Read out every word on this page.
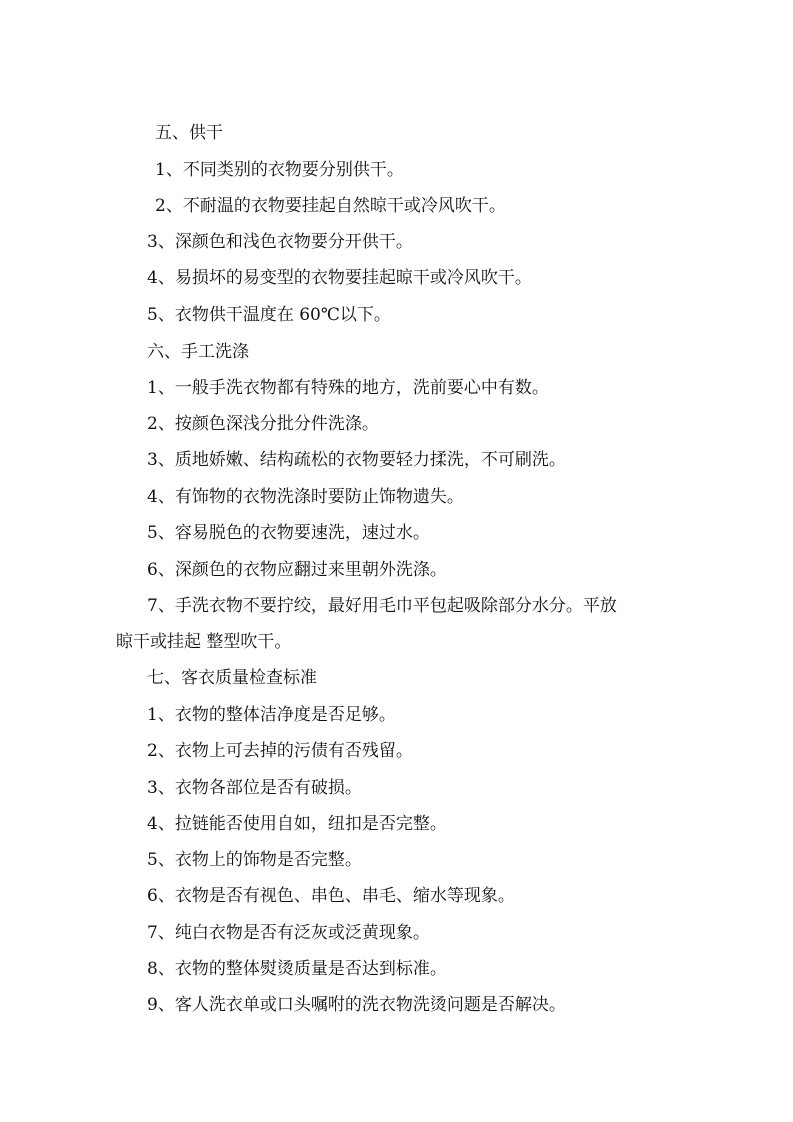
五、供干
1、不同类别的衣物要分别供干。
2、不耐温的衣物要挂起自然晾干或冷风吹干。
3、深颜色和浅色衣物要分开供干。
4、易损坏的易变型的衣物要挂起晾干或冷风吹干。
5、衣物供干温度在 60℃以下。
六、手工洗涤
1、一般手洗衣物都有特殊的地方，洗前要心中有数。
2、按颜色深浅分批分件洗涤。
3、质地娇嫩、结构疏松的衣物要轻力揉洗，不可刷洗。
4、有饰物的衣物洗涤时要防止饰物遗失。
5、容易脱色的衣物要速洗，速过水。
6、深颜色的衣物应翻过来里朝外洗涤。
7、手洗衣物不要拧绞，最好用毛巾平包起吸除部分水分。平放
晾干或挂起 整型吹干。
七、客衣质量检查标准
1、衣物的整体洁净度是否足够。
2、衣物上可去掉的污债有否残留。
3、衣物各部位是否有破损。
4、拉链能否使用自如，纽扣是否完整。
5、衣物上的饰物是否完整。
6、衣物是否有视色、串色、串毛、缩水等现象。
7、纯白衣物是否有泛灰或泛黄现象。
8、衣物的整体熨烫质量是否达到标准。
9、客人洗衣单或口头嘱咐的洗衣物洗烫问题是否解决。
